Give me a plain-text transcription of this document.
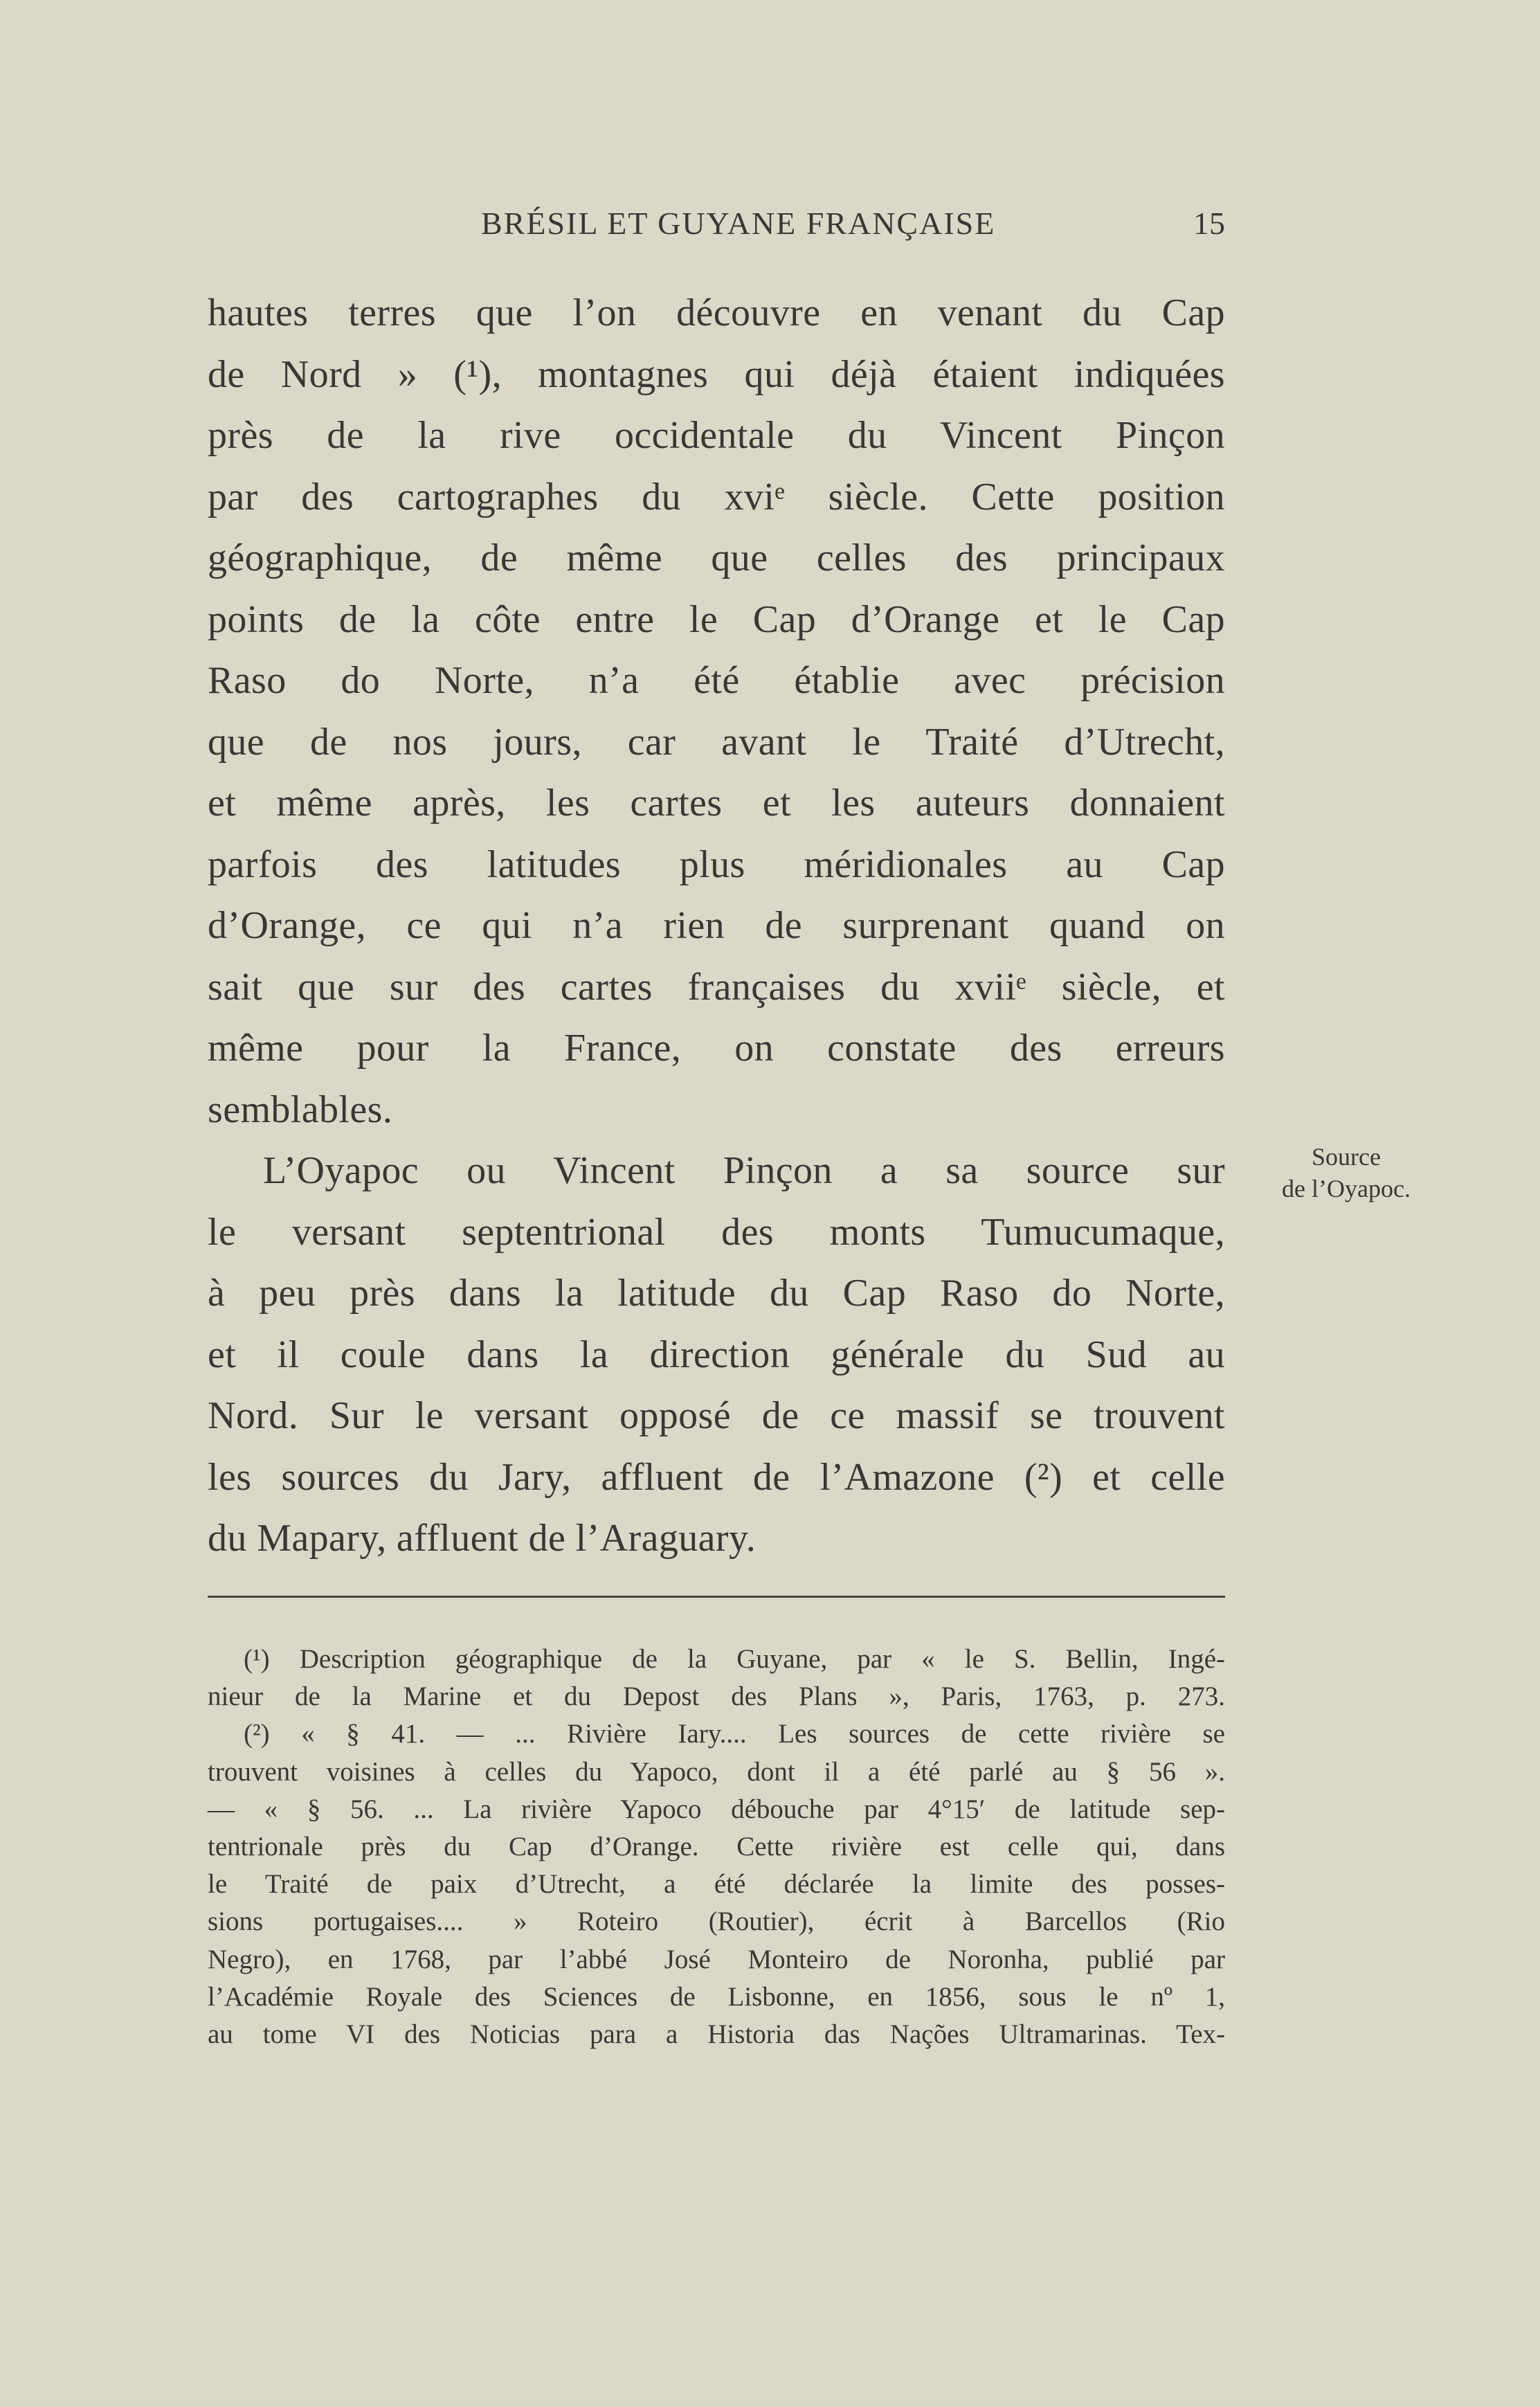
BRÉSIL ET GUYANE FRANÇAISE	15
hautes terres que l’on découvre en venant du Cap
de Nord » (¹), montagnes qui déjà étaient indiquées
près de la rive occidentale du Vincent Pinçon
par des cartographes du xviᵉ siècle. Cette position
géographique, de même que celles des principaux
points de la côte entre le Cap d’Orange et le Cap
Raso do Norte, n’a été établie avec précision
que de nos jours, car avant le Traité d’Utrecht,
et même après, les cartes et les auteurs donnaient
parfois des latitudes plus méridionales au Cap
d’Orange, ce qui n’a rien de surprenant quand on
sait que sur des cartes françaises du xviiᵉ siècle, et
même pour la France, on constate des erreurs
semblables.
L’Oyapoc ou Vincent Pinçon a sa source sur
le versant septentrional des monts Tumucumaque,
à peu près dans la latitude du Cap Raso do Norte,
et il coule dans la direction générale du Sud au
Nord. Sur le versant opposé de ce massif se trouvent
les sources du Jary, affluent de l’Amazone (²) et celle
du Mapary, affluent de l’Araguary.
Source
de l’Oyapoc.
(¹) Description géographique de la Guyane, par « le S. Bellin, Ingé-
nieur de la Marine et du Depost des Plans », Paris, 1763, p. 273.
(²) « § 41. — ... Rivière Iary.... Les sources de cette rivière se
trouvent voisines à celles du Yapoco, dont il a été parlé au § 56 ».
— « § 56. ... La rivière Yapoco débouche par 4°15′ de latitude sep-
tentrionale près du Cap d’Orange. Cette rivière est celle qui, dans
le Traité de paix d’Utrecht, a été déclarée la limite des posses-
sions portugaises.... » Roteiro (Routier), écrit à Barcellos (Rio
Negro), en 1768, par l’abbé José Monteiro de Noronha, publié par
l’Académie Royale des Sciences de Lisbonne, en 1856, sous le nº 1,
au tome VI des Noticias para a Historia das Nações Ultramarinas. Tex-
